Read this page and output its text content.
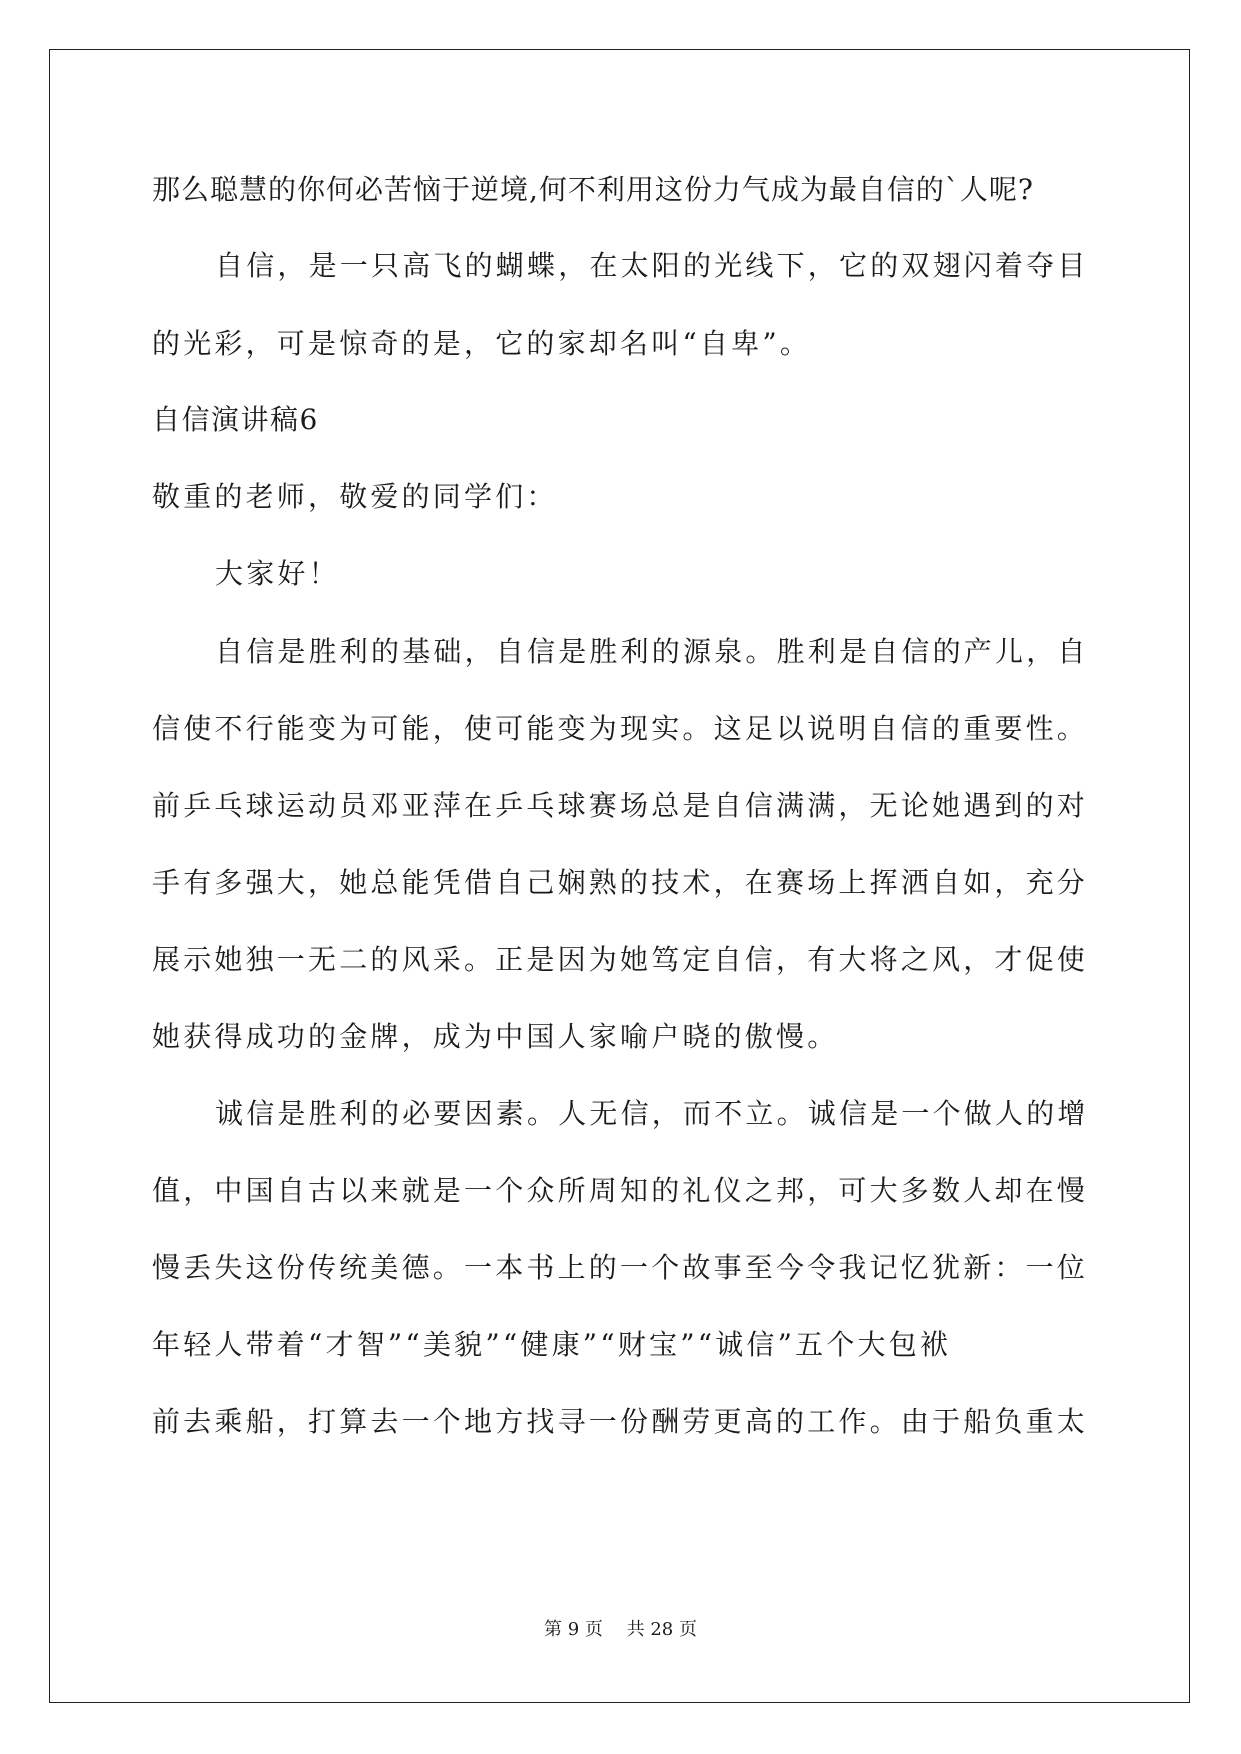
那么聪慧的你何必苦恼于逆境,何不利用这份力气成为最自信的`人呢?
自信，是一只高飞的蝴蝶，在太阳的光线下，它的双翅闪着夺目
的光彩，可是惊奇的是，它的家却名叫“自卑”。
自信演讲稿6
敬重的老师，敬爱的同学们：
大家好！
自信是胜利的基础，自信是胜利的源泉。胜利是自信的产儿，自
信使不行能变为可能，使可能变为现实。这足以说明自信的重要性。
前乒乓球运动员邓亚萍在乒乓球赛场总是自信满满，无论她遇到的对
手有多强大，她总能凭借自己娴熟的技术，在赛场上挥洒自如，充分
展示她独一无二的风采。正是因为她笃定自信，有大将之风，才促使
她获得成功的金牌，成为中国人家喻户晓的傲慢。
诚信是胜利的必要因素。人无信，而不立。诚信是一个做人的增
值，中国自古以来就是一个众所周知的礼仪之邦，可大多数人却在慢
慢丢失这份传统美德。一本书上的一个故事至今令我记忆犹新：一位
年轻人带着“才智”“美貌”“健康”“财宝”“诚信”五个大包袱
前去乘船，打算去一个地方找寻一份酬劳更高的工作。由于船负重太
第 9 页　 共 28 页
